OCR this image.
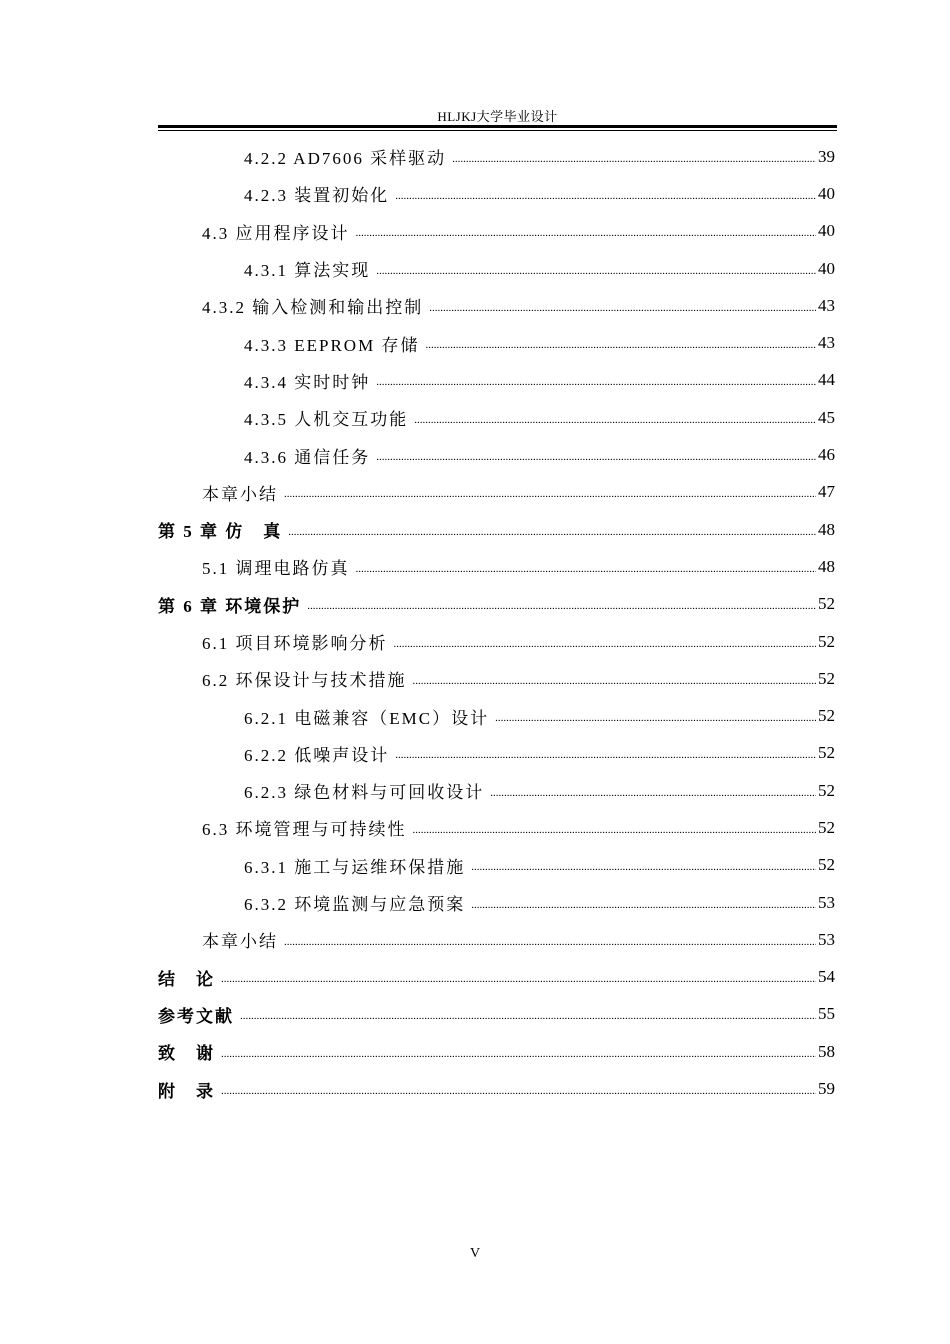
HLJKJ大学毕业设计
4.2.2 AD7606 采样驱动 .....	39
4.2.3 装置初始化 .....	40
4.3 应用程序设计 .....	40
4.3.1 算法实现 .....	40
4.3.2 输入检测和输出控制 .....	43
4.3.3 EEPROM 存储 .....	43
4.3.4 实时时钟 .....	44
4.3.5 人机交互功能 .....	45
4.3.6 通信任务 .....	46
本章小结 .....	47
第 5 章 仿　真 .....	48
5.1 调理电路仿真 .....	48
第 6 章 环境保护 .....	52
6.1 项目环境影响分析 .....	52
6.2 环保设计与技术措施 .....	52
6.2.1 电磁兼容（EMC）设计 .....	52
6.2.2 低噪声设计 .....	52
6.2.3 绿色材料与可回收设计 .....	52
6.3 环境管理与可持续性 .....	52
6.3.1 施工与运维环保措施 .....	52
6.3.2 环境监测与应急预案 .....	53
本章小结 .....	53
结　论 .....	54
参考文献 .....	55
致　谢 .....	58
附　录 .....	59
V
